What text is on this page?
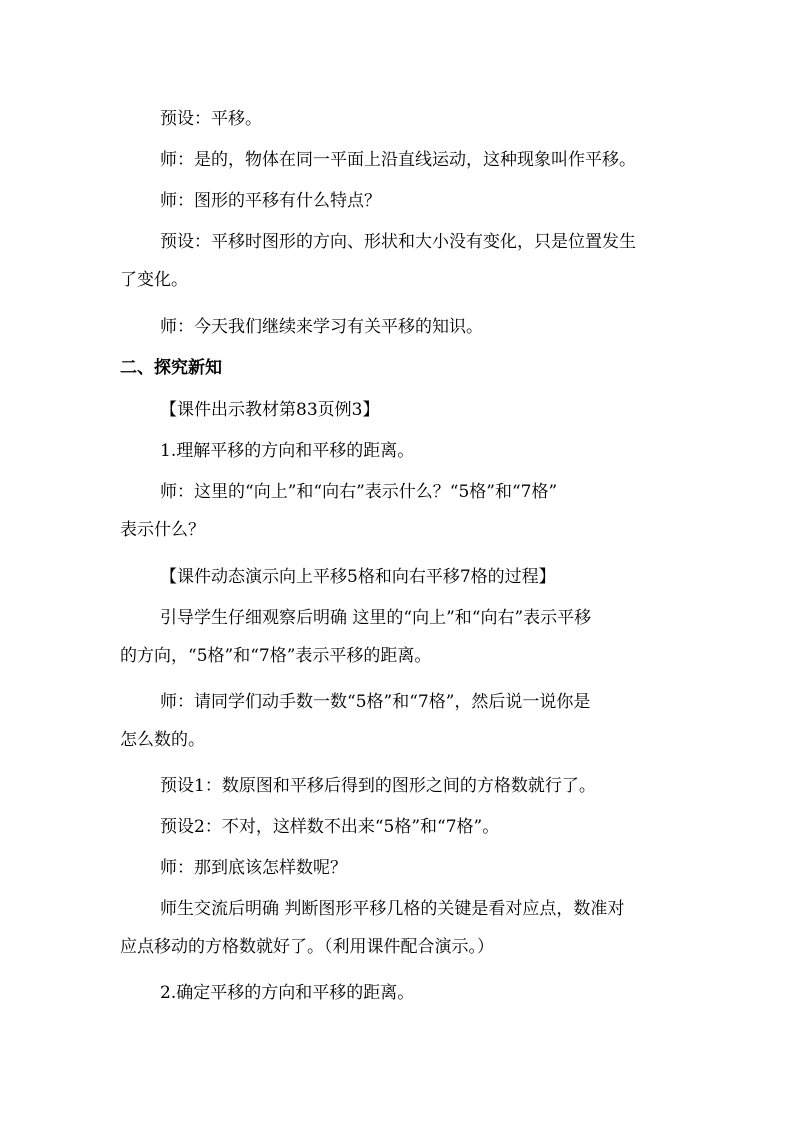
预设：平移。
师：是的，物体在同一平面上沿直线运动，这种现象叫作平移。
师：图形的平移有什么特点？
预设：平移时图形的方向、形状和大小没有变化，只是位置发生
了变化。
师：今天我们继续来学习有关平移的知识。
二、探究新知
【课件出示教材第83页例3】
1.理解平移的方向和平移的距离。
师：这里的“向上”和“向右”表示什么？“5格”和“7格”
表示什么？
【课件动态演示向上平移5格和向右平移7格的过程】
引导学生仔细观察后明确 这里的“向上”和“向右”表示平移
的方向，“5格”和“7格”表示平移的距离。
师：请同学们动手数一数“5格”和“7格”，然后说一说你是
怎么数的。
预设1：数原图和平移后得到的图形之间的方格数就行了。
预设2：不对，这样数不出来“5格”和“7格”。
师：那到底该怎样数呢？
师生交流后明确 判断图形平移几格的关键是看对应点，数准对
应点移动的方格数就好了。（利用课件配合演示。）
2.确定平移的方向和平移的距离。
